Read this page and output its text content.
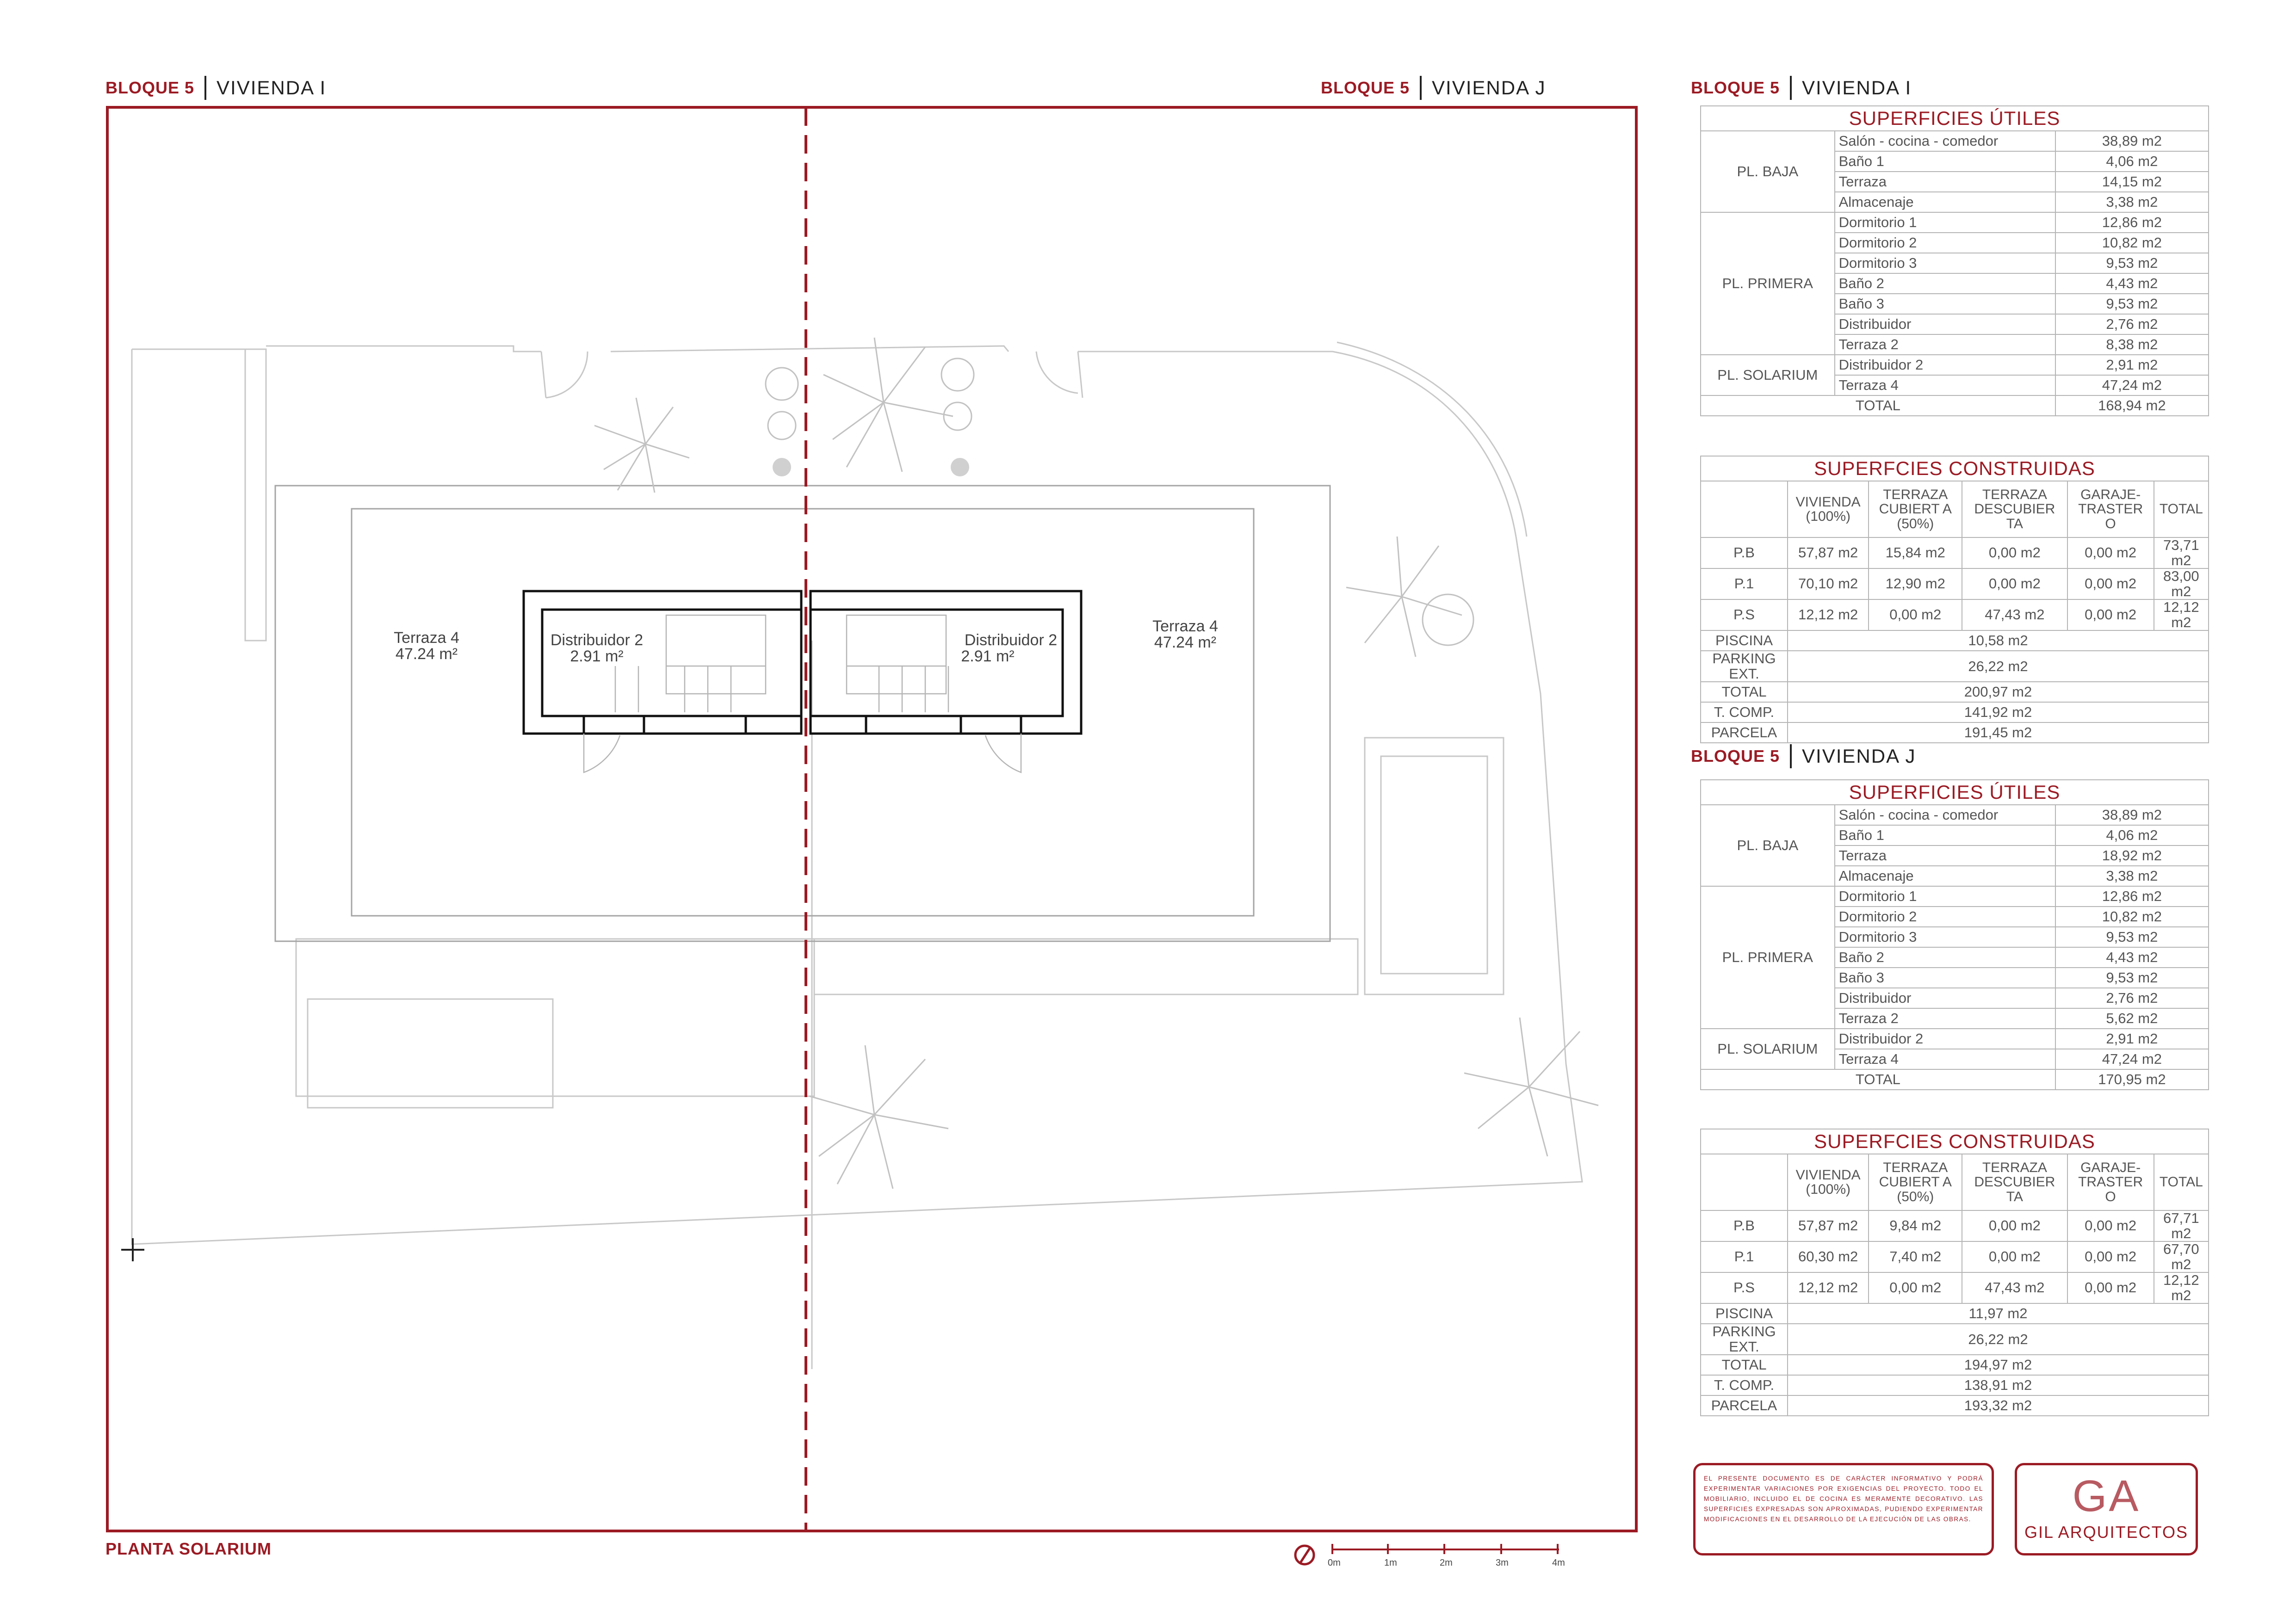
BLOQUE 5 VIVIENDA I	BLOQUE 5 VIVIENDA J	BLOQUE 5 VIVIENDA I
BLOQUE 5 VIVIENDA J
Terraza 4
47.24 m²
Distribuidor 2
2.91 m²
Distribuidor 2
2.91 m²
Terraza 4
47.24 m²
0m	1m	2m	3m	4m
PLANTA SOLARIUM
SUPERFICIES ÚTILES		
PL. BAJA	Salón - cocina - comedor	38,89 m2
	Baño 1	4,06 m2
	Terraza	14,15 m2
	Almacenaje	3,38 m2
PL. PRIMERA	Dormitorio 1	12,86 m2
	Dormitorio 2	10,82 m2
	Dormitorio 3	9,53 m2
	Baño 2	4,43 m2
	Baño 3	9,53 m2
	Distribuidor	2,76 m2
	Terraza 2	8,38 m2
PL. SOLARIUM	Distribuidor 2	2,91 m2
	Terraza 4	47,24 m2
TOTAL		168,94 m2
SUPERFCIES CONSTRUIDAS					
	VIVIENDA (100%)	TERRAZA CUBIERT A (50%)	TERRAZA DESCUBIER TA	GARAJE-TRASTER O	TOTAL
P.B	57,87 m2	15,84 m2	0,00 m2	0,00 m2	73,71 m2
P.1	70,10 m2	12,90 m2	0,00 m2	0,00 m2	83,00 m2
P.S	12,12 m2	0,00 m2	47,43 m2	0,00 m2	12,12 m2
PISCINA	10,58 m2				
PARKING EXT.	26,22 m2				
TOTAL	200,97 m2				
T. COMP.	141,92 m2				
PARCELA	191,45 m2				
SUPERFICIES ÚTILES		
PL. BAJA	Salón - cocina - comedor	38,89 m2
	Baño 1	4,06 m2
	Terraza	18,92 m2
	Almacenaje	3,38 m2
PL. PRIMERA	Dormitorio 1	12,86 m2
	Dormitorio 2	10,82 m2
	Dormitorio 3	9,53 m2
	Baño 2	4,43 m2
	Baño 3	9,53 m2
	Distribuidor	2,76 m2
	Terraza 2	5,62 m2
PL. SOLARIUM	Distribuidor 2	2,91 m2
	Terraza 4	47,24 m2
TOTAL		170,95 m2
SUPERFCIES CONSTRUIDAS					
	VIVIENDA (100%)	TERRAZA CUBIERT A (50%)	TERRAZA DESCUBIER TA	GARAJE-TRASTER O	TOTAL
P.B	57,87 m2	9,84 m2	0,00 m2	0,00 m2	67,71 m2
P.1	60,30 m2	7,40 m2	0,00 m2	0,00 m2	67,70 m2
P.S	12,12 m2	0,00 m2	47,43 m2	0,00 m2	12,12 m2
PISCINA	11,97 m2				
PARKING EXT.	26,22 m2				
TOTAL	194,97 m2				
T. COMP.	138,91 m2				
PARCELA	193,32 m2				
EL PRESENTE DOCUMENTO ES DE CARÁCTER INFORMATIVO Y PODRÁ EXPERIMENTAR VARIACIONES POR EXIGENCIAS DEL PROYECTO. TODO EL MOBILIARIO, INCLUIDO EL DE COCINA ES MERAMENTE DECORATIVO. LAS SUPERFICIES EXPRESADAS SON APROXIMADAS, PUDIENDO EXPERIMENTAR MODIFICACIONES EN EL DESARROLLO DE LA EJECUCIÓN DE LAS OBRAS.	GA
GIL ARQUITECTOS
